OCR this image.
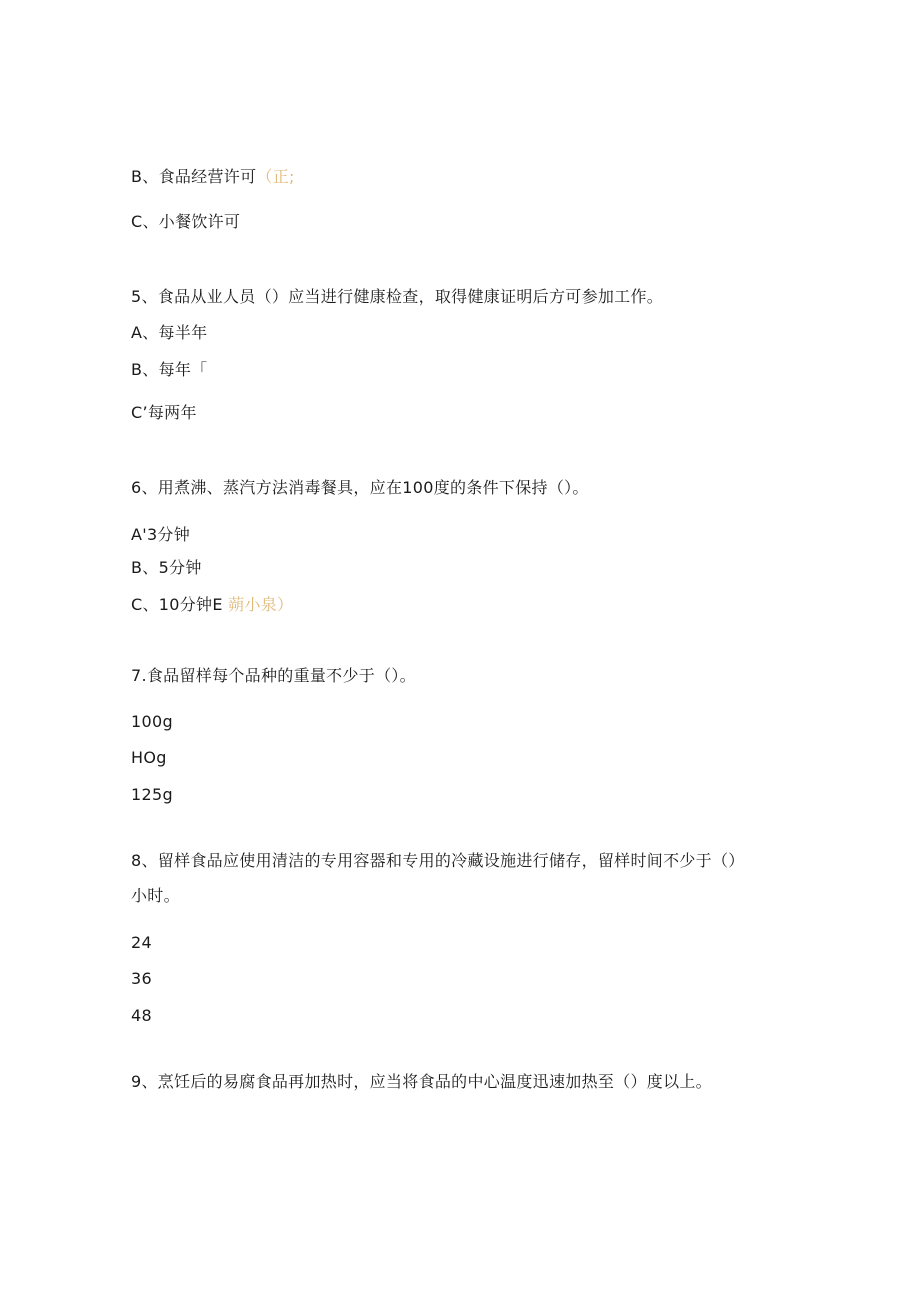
B、食品经营许可（正;
C、小餐饮许可
5、食品从业人员（）应当进行健康检查，取得健康证明后方可参加工作。
A、每半年
B、每年「
C’每两年
6、用煮沸、蒸汽方法消毒餐具，应在100度的条件下保持（）。
A'3分钟
B、5分钟
C、10分钟E 蒴小泉）
7.食品留样每个品种的重量不少于（）。
100g
HOg
125g
8、留样食品应使用清洁的专用容器和专用的冷藏设施进行储存，留样时间不少于（）
小时。
24
36
48
9、烹饪后的易腐食品再加热时，应当将食品的中心温度迅速加热至（）度以上。
